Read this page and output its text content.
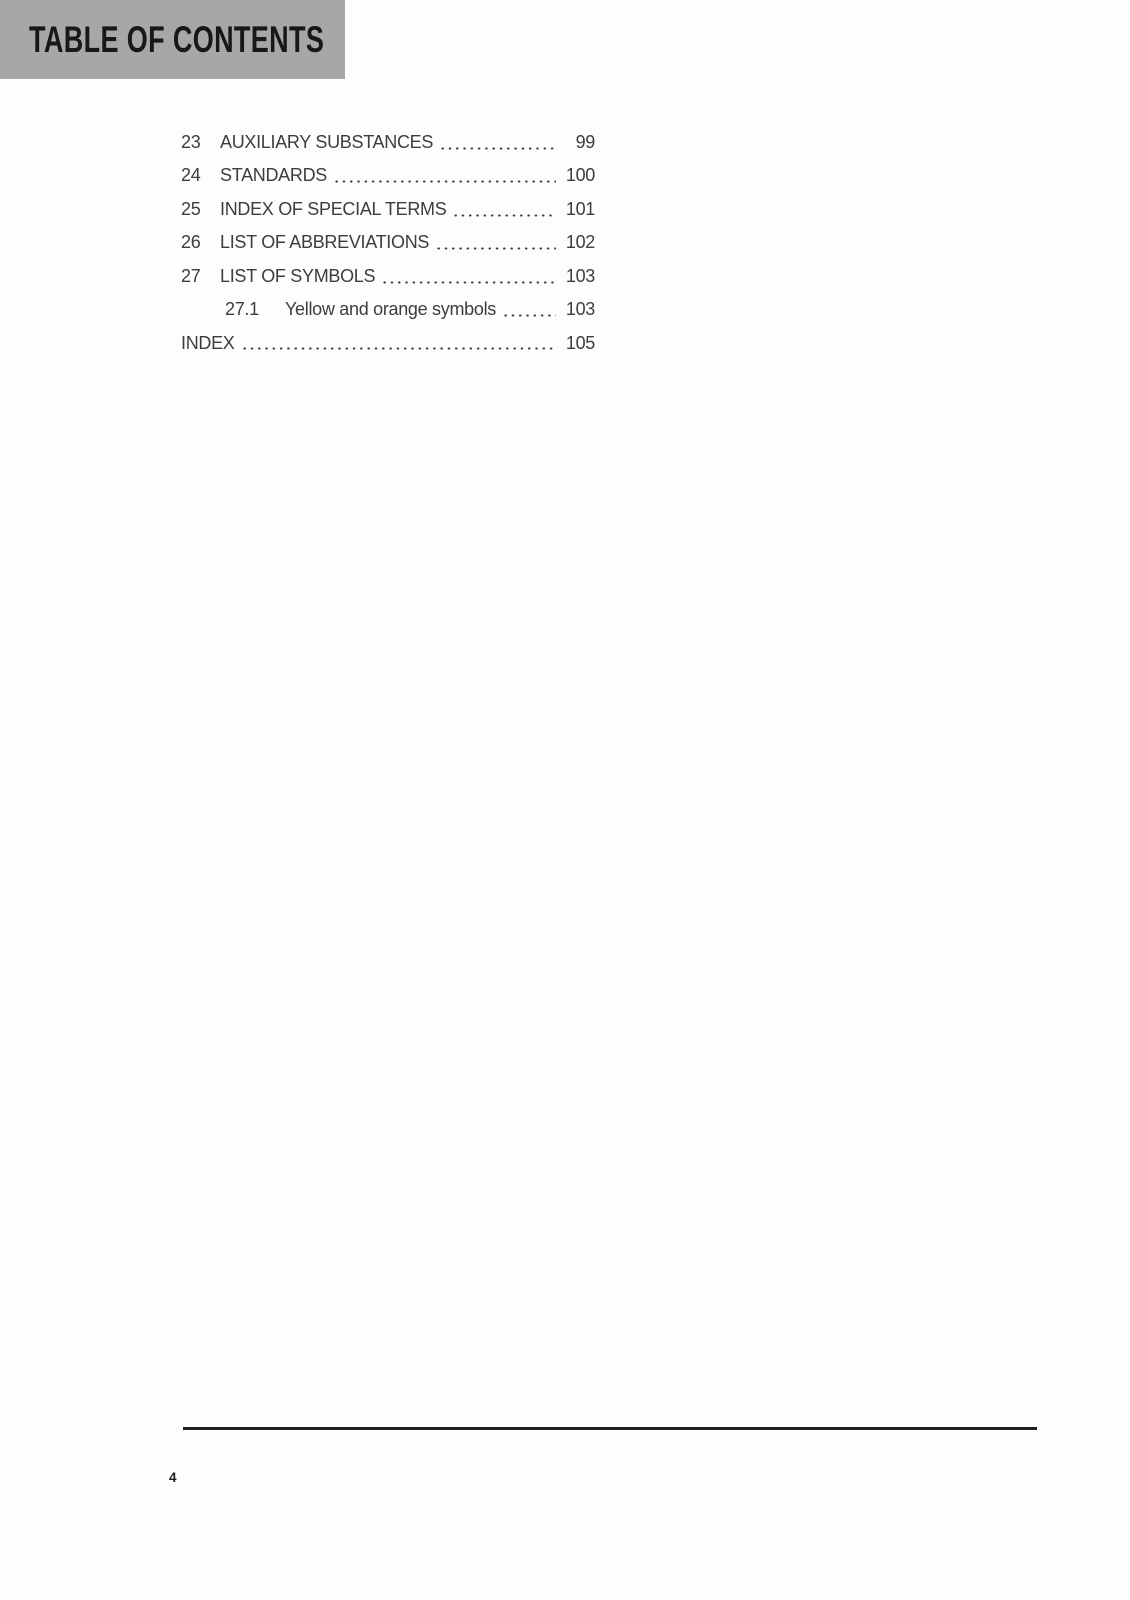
TABLE OF CONTENTS
23	AUXILIARY SUBSTANCES	99
24	STANDARDS	100
25	INDEX OF SPECIAL TERMS	101
26	LIST OF ABBREVIATIONS	102
27	LIST OF SYMBOLS	103
27.1	Yellow and orange symbols	103
INDEX	105
4
